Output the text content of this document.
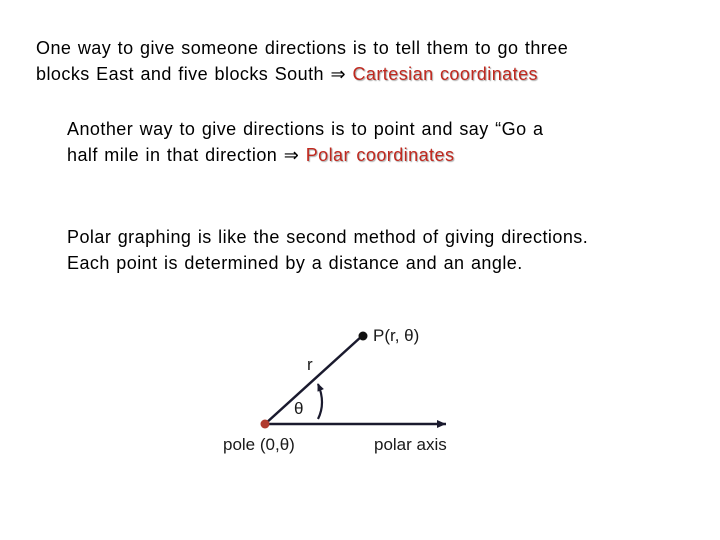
One way to give someone directions is to tell them to go three
blocks East and five blocks South ⇒ Cartesian coordinates

Another way to give directions is to point and say “Go a
half mile in that direction ⇒ Polar coordinates

Polar graphing is like the second method of giving directions.
Each point is determined by a distance and an angle.

P(r, θ)
r
θ
pole (0,θ)	polar axis
